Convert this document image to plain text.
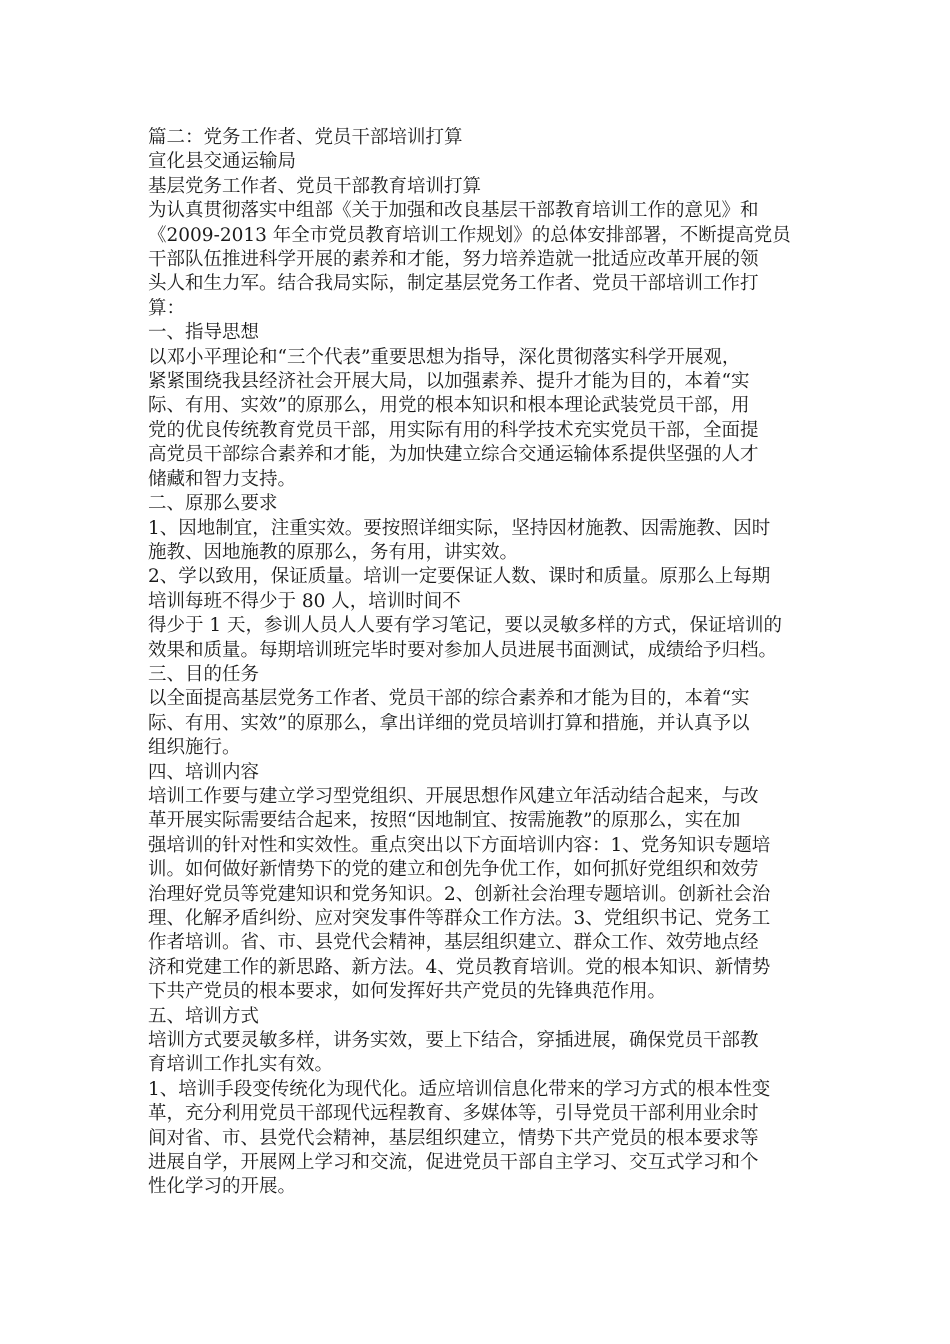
篇二：党务工作者、党员干部培训打算
宣化县交通运输局
基层党务工作者、党员干部教育培训打算
为认真贯彻落实中组部《关于加强和改良基层干部教育培训工作的意见》和
《2009-2013 年全市党员教育培训工作规划》的总体安排部署，不断提高党员
干部队伍推进科学开展的素养和才能，努力培养造就一批适应改革开展的领
头人和生力军。结合我局实际，制定基层党务工作者、党员干部培训工作打
算：
一、指导思想
以邓小平理论和“三个代表”重要思想为指导，深化贯彻落实科学开展观，
紧紧围绕我县经济社会开展大局，以加强素养、提升才能为目的，本着“实
际、有用、实效”的原那么，用党的根本知识和根本理论武装党员干部，用
党的优良传统教育党员干部，用实际有用的科学技术充实党员干部，全面提
高党员干部综合素养和才能，为加快建立综合交通运输体系提供坚强的人才
储藏和智力支持。
二、原那么要求
1、因地制宜，注重实效。要按照详细实际，坚持因材施教、因需施教、因时
施教、因地施教的原那么，务有用，讲实效。
2、学以致用，保证质量。培训一定要保证人数、课时和质量。原那么上每期
培训每班不得少于 80 人，培训时间不
得少于 1 天，参训人员人人要有学习笔记，要以灵敏多样的方式，保证培训的
效果和质量。每期培训班完毕时要对参加人员进展书面测试，成绩给予归档。
三、目的任务
以全面提高基层党务工作者、党员干部的综合素养和才能为目的，本着“实
际、有用、实效”的原那么，拿出详细的党员培训打算和措施，并认真予以
组织施行。
四、培训内容
培训工作要与建立学习型党组织、开展思想作风建立年活动结合起来，与改
革开展实际需要结合起来，按照“因地制宜、按需施教”的原那么，实在加
强培训的针对性和实效性。重点突出以下方面培训内容：1、党务知识专题培
训。如何做好新情势下的党的建立和创先争优工作，如何抓好党组织和效劳
治理好党员等党建知识和党务知识。2、创新社会治理专题培训。创新社会治
理、化解矛盾纠纷、应对突发事件等群众工作方法。3、党组织书记、党务工
作者培训。省、市、县党代会精神，基层组织建立、群众工作、效劳地点经
济和党建工作的新思路、新方法。4、党员教育培训。党的根本知识、新情势
下共产党员的根本要求，如何发挥好共产党员的先锋典范作用。
五、培训方式
培训方式要灵敏多样，讲务实效，要上下结合，穿插进展，确保党员干部教
育培训工作扎实有效。
1、培训手段变传统化为现代化。适应培训信息化带来的学习方式的根本性变
革，充分利用党员干部现代远程教育、多媒体等，引导党员干部利用业余时
间对省、市、县党代会精神，基层组织建立，情势下共产党员的根本要求等
进展自学，开展网上学习和交流，促进党员干部自主学习、交互式学习和个
性化学习的开展。
